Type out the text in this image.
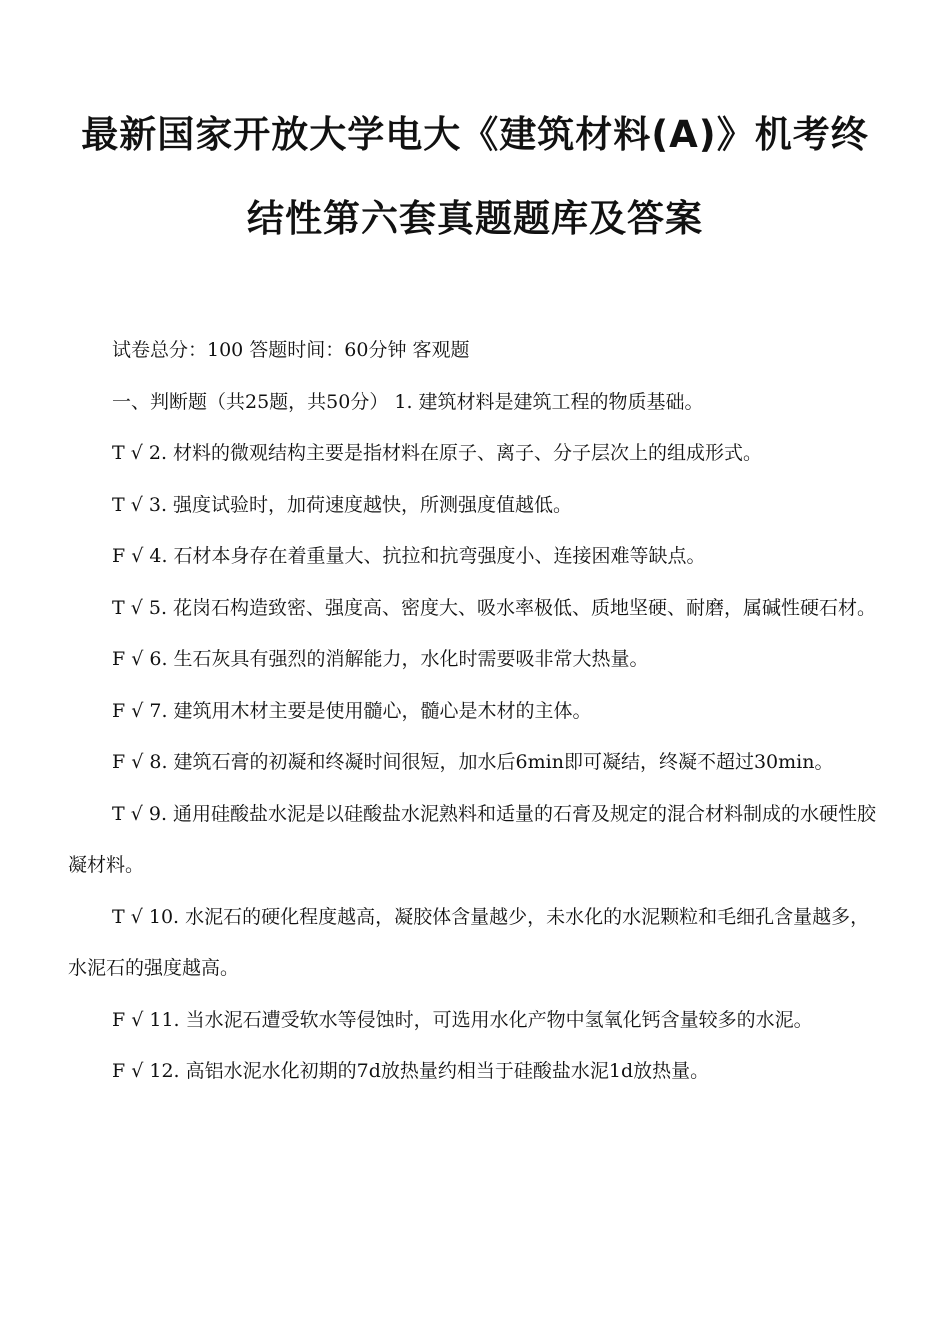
最新国家开放大学电大《建筑材料(A)》机考终
结性第六套真题题库及答案

试卷总分：100 答题时间：60分钟 客观题

一、判断题（共25题，共50分） 1. 建筑材料是建筑工程的物质基础。

T √ 2. 材料的微观结构主要是指材料在原子、离子、分子层次上的组成形式。

T √ 3. 强度试验时，加荷速度越快，所测强度值越低。

F √ 4. 石材本身存在着重量大、抗拉和抗弯强度小、连接困难等缺点。

T √ 5. 花岗石构造致密、强度高、密度大、吸水率极低、质地坚硬、耐磨，属碱性硬石材。

F √ 6. 生石灰具有强烈的消解能力，水化时需要吸非常大热量。

F √ 7. 建筑用木材主要是使用髓心，髓心是木材的主体。

F √ 8. 建筑石膏的初凝和终凝时间很短，加水后6min即可凝结，终凝不超过30min。

T √ 9. 通用硅酸盐水泥是以硅酸盐水泥熟料和适量的石膏及规定的混合材料制成的水硬性胶凝材料。

T √ 10. 水泥石的硬化程度越高，凝胶体含量越少，未水化的水泥颗粒和毛细孔含量越多，水泥石的强度越高。

F √ 11. 当水泥石遭受软水等侵蚀时，可选用水化产物中氢氧化钙含量较多的水泥。

F √ 12. 高铝水泥水化初期的7d放热量约相当于硅酸盐水泥1d放热量。
